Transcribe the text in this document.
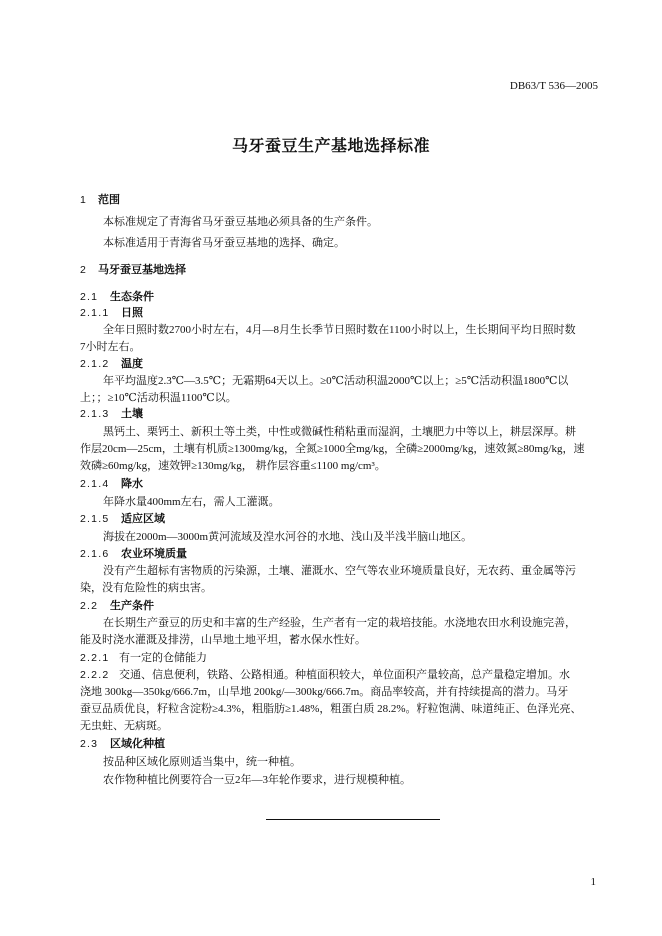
DB63/T 536—2005
马牙蚕豆生产基地选择标准
1 范围
本标准规定了青海省马牙蚕豆基地必须具备的生产条件。
本标准适用于青海省马牙蚕豆基地的选择、确定。
2 马牙蚕豆基地选择
2.1 生态条件
2.1.1 日照
全年日照时数2700小时左右，4月—8月生长季节日照时数在1100小时以上，生长期间平均日照时数
7小时左右。
2.1.2 温度
年平均温度2.3℃—3.5℃；无霜期64天以上。≥0℃活动积温2000℃以上；≥5℃活动积温1800℃以
上；；≥10℃活动积温1100℃以。
2.1.3 土壤
黑钙土、栗钙土、新积土等土类，中性或微碱性稍粘重而湿润，土壤肥力中等以上，耕层深厚。耕
作层20cm—25cm，土壤有机质≥1300mg/kg，全氮≥1000全mg/kg，全磷≥2000mg/kg，速效氮≥80mg/kg，速
效磷≥60mg/kg，速效钾≥130mg/kg， 耕作层容重≤1100 mg/cm³。
2.1.4 降水
年降水量400mm左右，需人工灌溉。
2.1.5 适应区域
海拔在2000m—3000m黄河流域及湟水河谷的水地、浅山及半浅半脑山地区。
2.1.6 农业环境质量
没有产生超标有害物质的污染源，土壤、灌溉水、空气等农业环境质量良好，无农药、重金属等污
染，没有危险性的病虫害。
2.2 生产条件
在长期生产蚕豆的历史和丰富的生产经验，生产者有一定的栽培技能。水浇地农田水利设施完善，
能及时浇水灌溉及排涝，山旱地土地平坦，蓄水保水性好。
2.2.1 有一定的仓储能力
2.2.2 交通、信息便利，铁路、公路相通。种植面积较大，单位面积产量较高，总产量稳定增加。水
浇地 300kg—350kg/666.7m，山旱地 200kg/—300kg/666.7m。商品率较高，并有持续提高的潜力。马牙
蚕豆品质优良，籽粒含淀粉≥4.3%，粗脂肪≥1.48%，粗蛋白质 28.2%。籽粒饱满、味道纯正、色泽光亮、
无虫蛀、无病斑。
2.3 区域化种植
按品种区域化原则适当集中，统一种植。
农作物种植比例要符合一豆2年—3年轮作要求，进行规模种植。
1
